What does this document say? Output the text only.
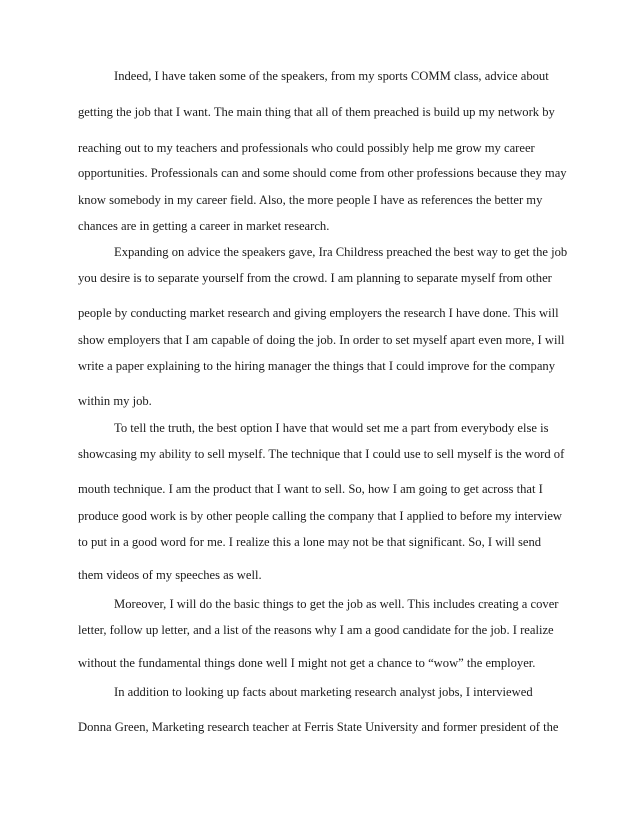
Indeed, I have taken some of the speakers, from my sports COMM class, advice about

getting the job that I want. The main thing that all of them preached is build up my network by

reaching out to my teachers and professionals who could possibly help me grow my career

opportunities. Professionals can and some should come from other professions because they may

know somebody in my career field. Also, the more people I have as references the better my

chances are in getting a career in market research.

Expanding on advice the speakers gave, Ira Childress preached the best way to get the job

you desire is to separate yourself from the crowd. I am planning to separate myself from other

people by conducting market research and giving employers the research I have done. This will

show employers that I am capable of doing the job. In order to set myself apart even more, I will

write a paper explaining to the hiring manager the things that I could improve for the company

within my job.

To tell the truth, the best option I have that would set me a part from everybody else is

showcasing my ability to sell myself. The technique that I could use to sell myself is the word of

mouth technique. I am the product that I want to sell. So, how I am going to get across that I

produce good work is by other people calling the company that I applied to before my interview

to put in a good word for me. I realize this a lone may not be that significant. So, I will send

them videos of my speeches as well.

Moreover, I will do the basic things to get the job as well. This includes creating a cover

letter, follow up letter, and a list of the reasons why I am a good candidate for the job. I realize

without the fundamental things done well I might not get a chance to “wow” the employer.

In addition to looking up facts about marketing research analyst jobs, I interviewed

Donna Green, Marketing research teacher at Ferris State University and former president of the
